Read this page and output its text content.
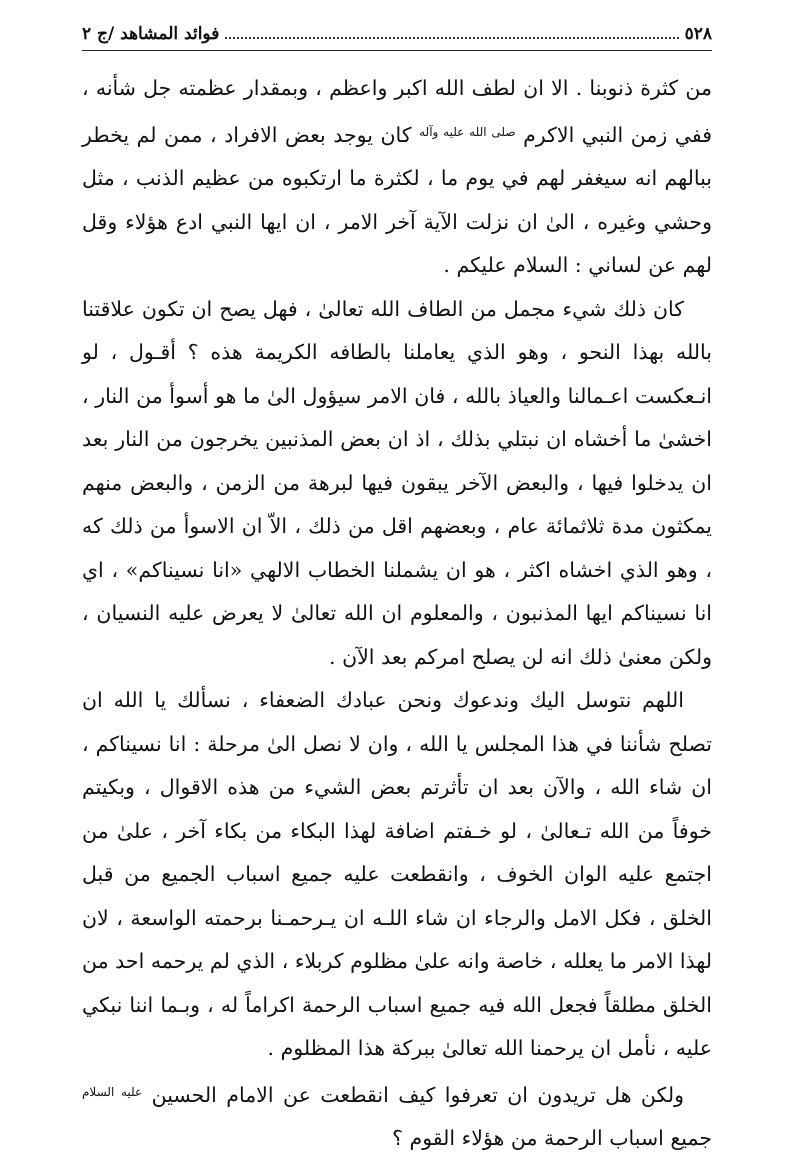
٥٢٨
فوائد المشاهد /ج ٢

من كثرة ذنوبنا . الا ان لطف الله اكبر واعظم ، وبمقدار عظمته جل شأنه ، ففي زمن النبي الاكرم $^{صلى الله عليه وآله}$ كان يوجد بعض الافراد ، ممن لم يخطر ببالهم انه سيغفر لهم في يوم ما ، لكثرة ما ارتكبوه من عظيم الذنب ، مثل وحشي وغيره ، الىٰ ان نزلت الآية آخر الامر ، ان ايها النبي ادع هؤلاء وقل لهم عن لساني : السلام عليكم .

كان ذلك شيء مجمل من الطاف الله تعالىٰ ، فهل يصح ان تكون علاقتنا بالله بهذا النحو ، وهو الذي يعاملنا بالطافه الكريمة هذه ؟ أقـول ، لو انـعكست اعـمالنا والعياذ بالله ، فان الامر سيؤول الىٰ ما هو أسوأ من النار ، اخشىٰ ما أخشاه ان نبتلي بذلك ، اذ ان بعض المذنبين يخرجون من النار بعد ان يدخلوا فيها ، والبعض الآخر يبقون فيها لبرهة من الزمن ، والبعض منهم يمكثون مدة ثلاثمائة عام ، وبعضهم اقل من ذلك ، الاّ ان الاسوأ من ذلك كه ، وهو الذي اخشاه اكثر ، هو ان يشملنا الخطاب الالهي «انا نسيناكم» ، اي انا نسيناكم ايها المذنبون ، والمعلوم ان الله تعالىٰ لا يعرض عليه النسيان ، ولكن معنىٰ ذلك انه لن يصلح امركم بعد الآن .

اللهم نتوسل اليك وندعوك ونحن عبادك الضعفاء ، نسألك يا الله ان تصلح شأننا في هذا المجلس يا الله ، وان لا نصل الىٰ مرحلة : انا نسيناكم ، ان شاء الله ، والآن بعد ان تأثرتم بعض الشيء من هذه الاقوال ، وبكيتم خوفاً من الله تـعالىٰ ، لو خـفتم اضافة لهذا البكاء من بكاء آخر ، علىٰ من اجتمع عليه الوان الخوف ، وانقطعت عليه جميع اسباب الجميع من قبل الخلق ، فكل الامل والرجاء ان شاء اللـه ان يـرحمـنا برحمته الواسعة ، لان لهذا الامر ما يعلله ، خاصة وانه علىٰ مظلوم كربلاء ، الذي لم يرحمه احد من الخلق مطلقاً فجعل الله فيه جميع اسباب الرحمة اكراماً له ، وبـما اننا نبكي عليه ، نأمل ان يرحمنا الله تعالىٰ ببركة هذا المظلوم .

ولكن هل تريدون ان تعرفوا كيف انقطعت عن الامام الحسين $^{عليه السلام}$ جميع اسباب الرحمة من هؤلاء القوم ؟
